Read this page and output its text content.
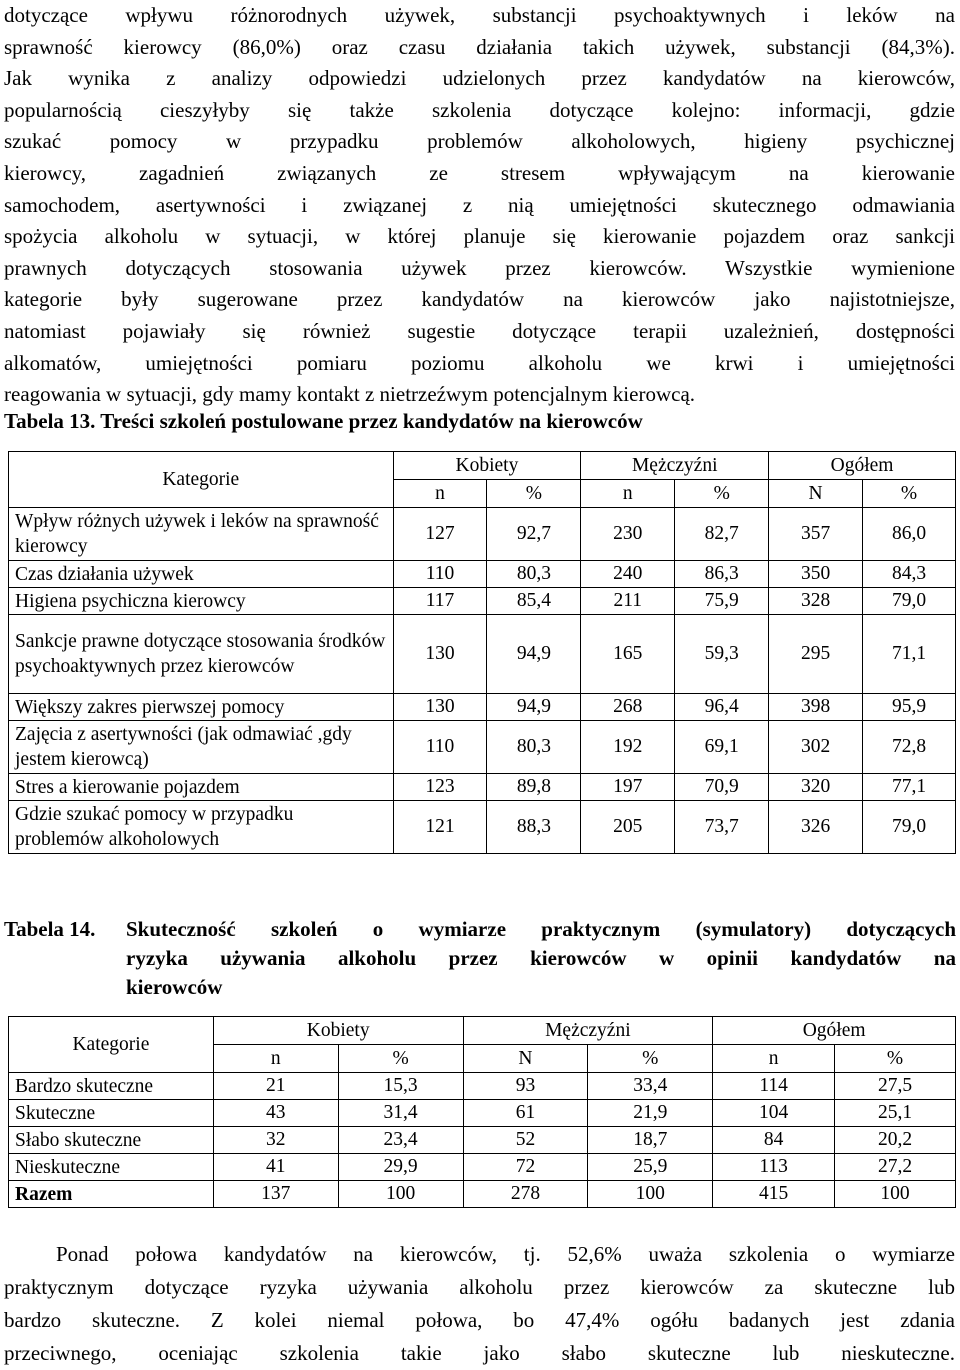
dotyczące wpływu różnorodnych używek, substancji psychoaktywnych i leków na
sprawność kierowcy (86,0%) oraz czasu działania takich używek, substancji (84,3%).
Jak wynika z analizy odpowiedzi udzielonych przez kandydatów na kierowców,
popularnością cieszyłyby się także szkolenia dotyczące kolejno: informacji, gdzie
szukać pomocy w przypadku problemów alkoholowych, higieny psychicznej
kierowcy, zagadnień związanych ze stresem wpływającym na kierowanie
samochodem, asertywności i związanej z nią umiejętności skutecznego odmawiania
spożycia alkoholu w sytuacji, w której planuje się kierowanie pojazdem oraz sankcji
prawnych dotyczących stosowania używek przez kierowców. Wszystkie wymienione
kategorie były sugerowane przez kandydatów na kierowców jako najistotniejsze,
natomiast pojawiały się również sugestie dotyczące terapii uzależnień, dostępności
alkomatów, umiejętności pomiaru poziomu alkoholu we krwi i umiejętności
reagowania w sytuacji, gdy mamy kontakt z nietrzeźwym potencjalnym kierowcą.
Tabela 13. Treści szkoleń postulowane przez kandydatów na kierowców
Kategorie	Kobiety		Mężczyźni		Ogółem	
	n	%	n	%	N	%
Wpływ różnych używek i leków na sprawność kierowcy	127	92,7	230	82,7	357	86,0
Czas działania używek	110	80,3	240	86,3	350	84,3
Higiena psychiczna kierowcy	117	85,4	211	75,9	328	79,0
Sankcje prawne dotyczące stosowania środków psychoaktywnych przez kierowców	130	94,9	165	59,3	295	71,1
Większy zakres pierwszej pomocy	130	94,9	268	96,4	398	95,9
Zajęcia z asertywności (jak odmawiać ,gdy jestem kierowcą)	110	80,3	192	69,1	302	72,8
Stres a kierowanie pojazdem	123	89,8	197	70,9	320	77,1
Gdzie szukać pomocy w przypadku problemów alkoholowych	121	88,3	205	73,7	326	79,0
Tabela 14. Skuteczność szkoleń o wymiarze praktycznym (symulatory) dotyczących
ryzyka używania alkoholu przez kierowców w opinii kandydatów na
kierowców
Kategorie	Kobiety		Mężczyźni		Ogółem	
	n	%	N	%	n	%
Bardzo skuteczne	21	15,3	93	33,4	114	27,5
Skuteczne	43	31,4	61	21,9	104	25,1
Słabo skuteczne	32	23,4	52	18,7	84	20,2
Nieskuteczne	41	29,9	72	25,9	113	27,2
Razem	137	100	278	100	415	100
Ponad połowa kandydatów na kierowców, tj. 52,6% uważa szkolenia o wymiarze
praktycznym dotyczące ryzyka używania alkoholu przez kierowców za skuteczne lub
bardzo skuteczne. Z kolei niemal połowa, bo 47,4% ogółu badanych jest zdania
przeciwnego, oceniając szkolenia takie jako słabo skuteczne lub nieskuteczne.
